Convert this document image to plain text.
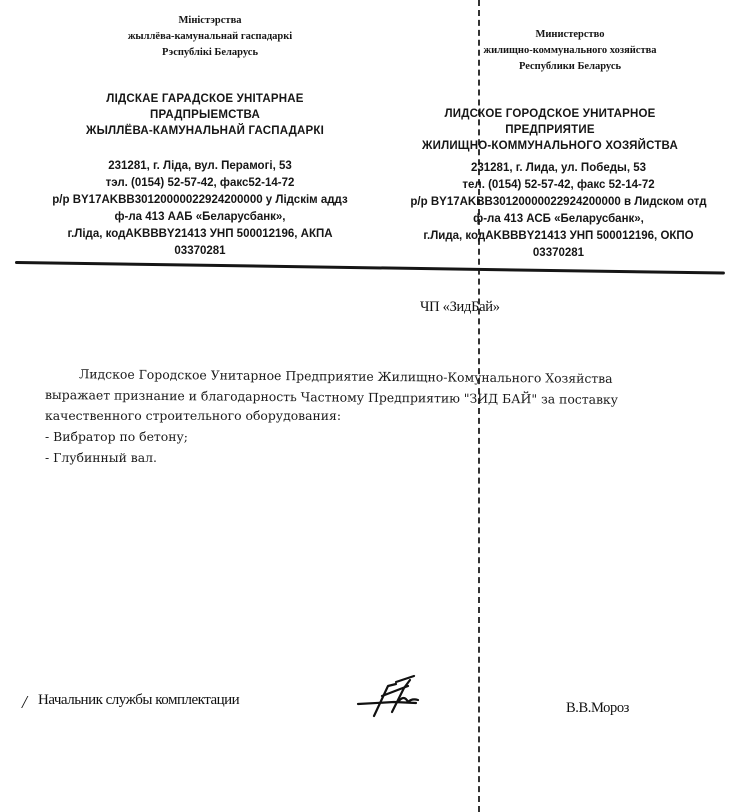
Міністэрства
жыллёва-камунальнай гаспадаркі
Рэспублікі Беларусь
Министерство
жилищно-коммунального хозяйства
Республики Беларусь
ЛІДСКАЕ ГАРАДСКОЕ УНІТАРНАЕ
ПРАДПРЫЕМСТВА
ЖЫЛЛЁВА-КАМУНАЛЬНАЙ ГАСПАДАРКІ
ЛИДСКОЕ ГОРОДСКОЕ УНИТАРНОЕ
ПРЕДПРИЯТИЕ
ЖИЛИЩНО-КОММУНАЛЬНОГО ХОЗЯЙСТВА
231281, г. Ліда, вул. Перамогі, 53
тэл. (0154) 52-57-42, факс52-14-72
р/р BY17AKBB30120000022924200000 у Лідскім аддз
ф-ла 413 ААБ «Беларусбанк»,
г.Ліда, кодAKBBBY21413 УНП 500012196, АКПА
03370281
231281, г. Лида, ул. Победы, 53
тел. (0154) 52-57-42, факс 52-14-72
р/р BY17AKBB30120000022924200000 в Лидском отд
ф-ла 413 АСБ «Беларусбанк»,
г.Лида, кодAKBBBY21413 УНП 500012196, ОКПО
03370281
ЧП «ЗидБай»

Лидское Городское Унитарное Предприятие Жилищно-Комунального Хозяйства

выражает признание и благодарность Частному Предприятию "ЗИД БАЙ" за поставку

качественного строительного оборудования:

- Вибратор по бетону;

- Глубинный вал.

/ Начальник службы комплектации	В.В.Мороз
